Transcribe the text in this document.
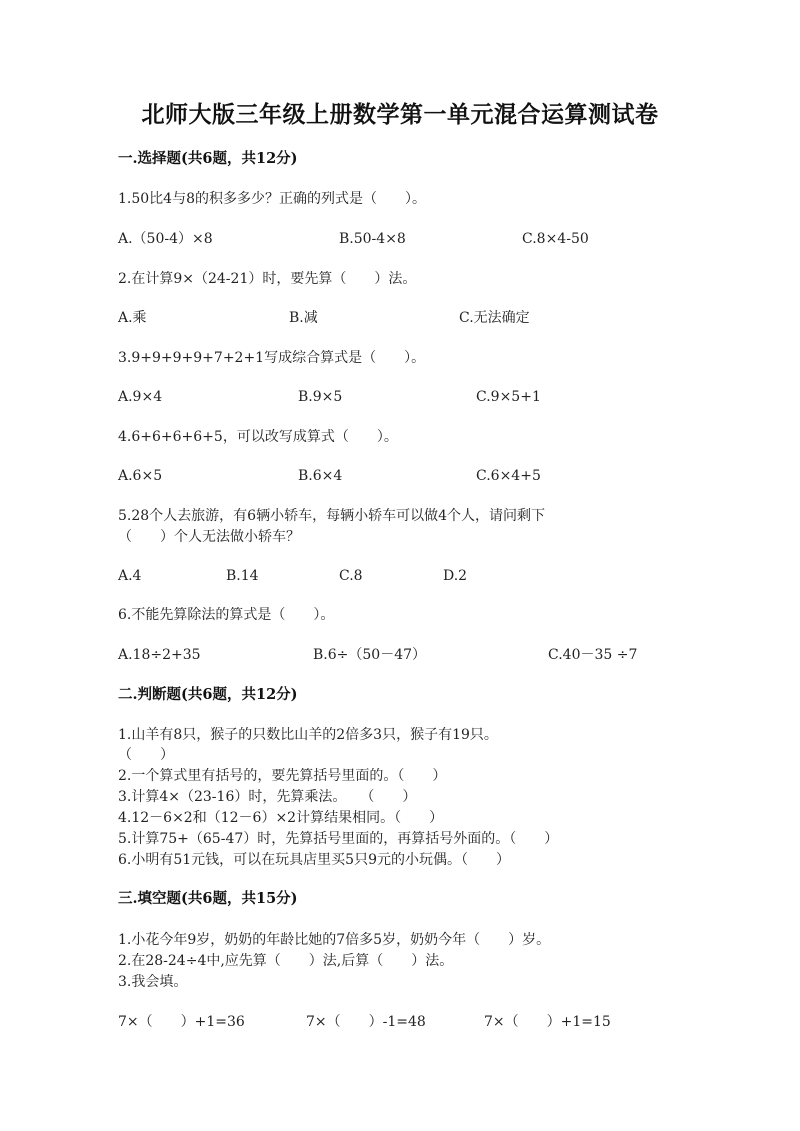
北师大版三年级上册数学第一单元混合运算测试卷
一.选择题(共6题，共12分)
1.50比4与8的积多多少？正确的列式是（　　）。
A.（50-4）×8	B.50-4×8	C.8×4-50
2.在计算9×（24-21）时，要先算（　　）法。
A.乘	B.减	C.无法确定
3.9+9+9+9+7+2+1写成综合算式是（　　）。
A.9×4	B.9×5	C.9×5+1
4.6+6+6+6+5，可以改写成算式（　　）。
A.6×5	B.6×4	C.6×4+5
5.28个人去旅游，有6辆小轿车，每辆小轿车可以做4个人，请问剩下
（　　）个人无法做小轿车？
A.4	B.14	C.8	D.2
6.不能先算除法的算式是（　　）。
A.18÷2+35	B.6÷（50－47）	C.40－35 ÷7
二.判断题(共6题，共12分)
1.山羊有8只，猴子的只数比山羊的2倍多3只，猴子有19只。
（　　）
2.一个算式里有括号的，要先算括号里面的。（　　）
3.计算4×（23-16）时，先算乘法。　　（　　）
4.12－6×2和（12－6）×2计算结果相同。（　　）
5.计算75+（65-47）时，先算括号里面的，再算括号外面的。（　　）
6.小明有51元钱，可以在玩具店里买5只9元的小玩偶。（　　）
三.填空题(共6题，共15分)
1.小花今年9岁，奶奶的年龄比她的7倍多5岁，奶奶今年（　　）岁。
2.在28-24÷4中,应先算（　　）法,后算（　　）法。
3.我会填。
7×（　　）+1=36	7×（　　）-1=48	7×（　　）+1=15
